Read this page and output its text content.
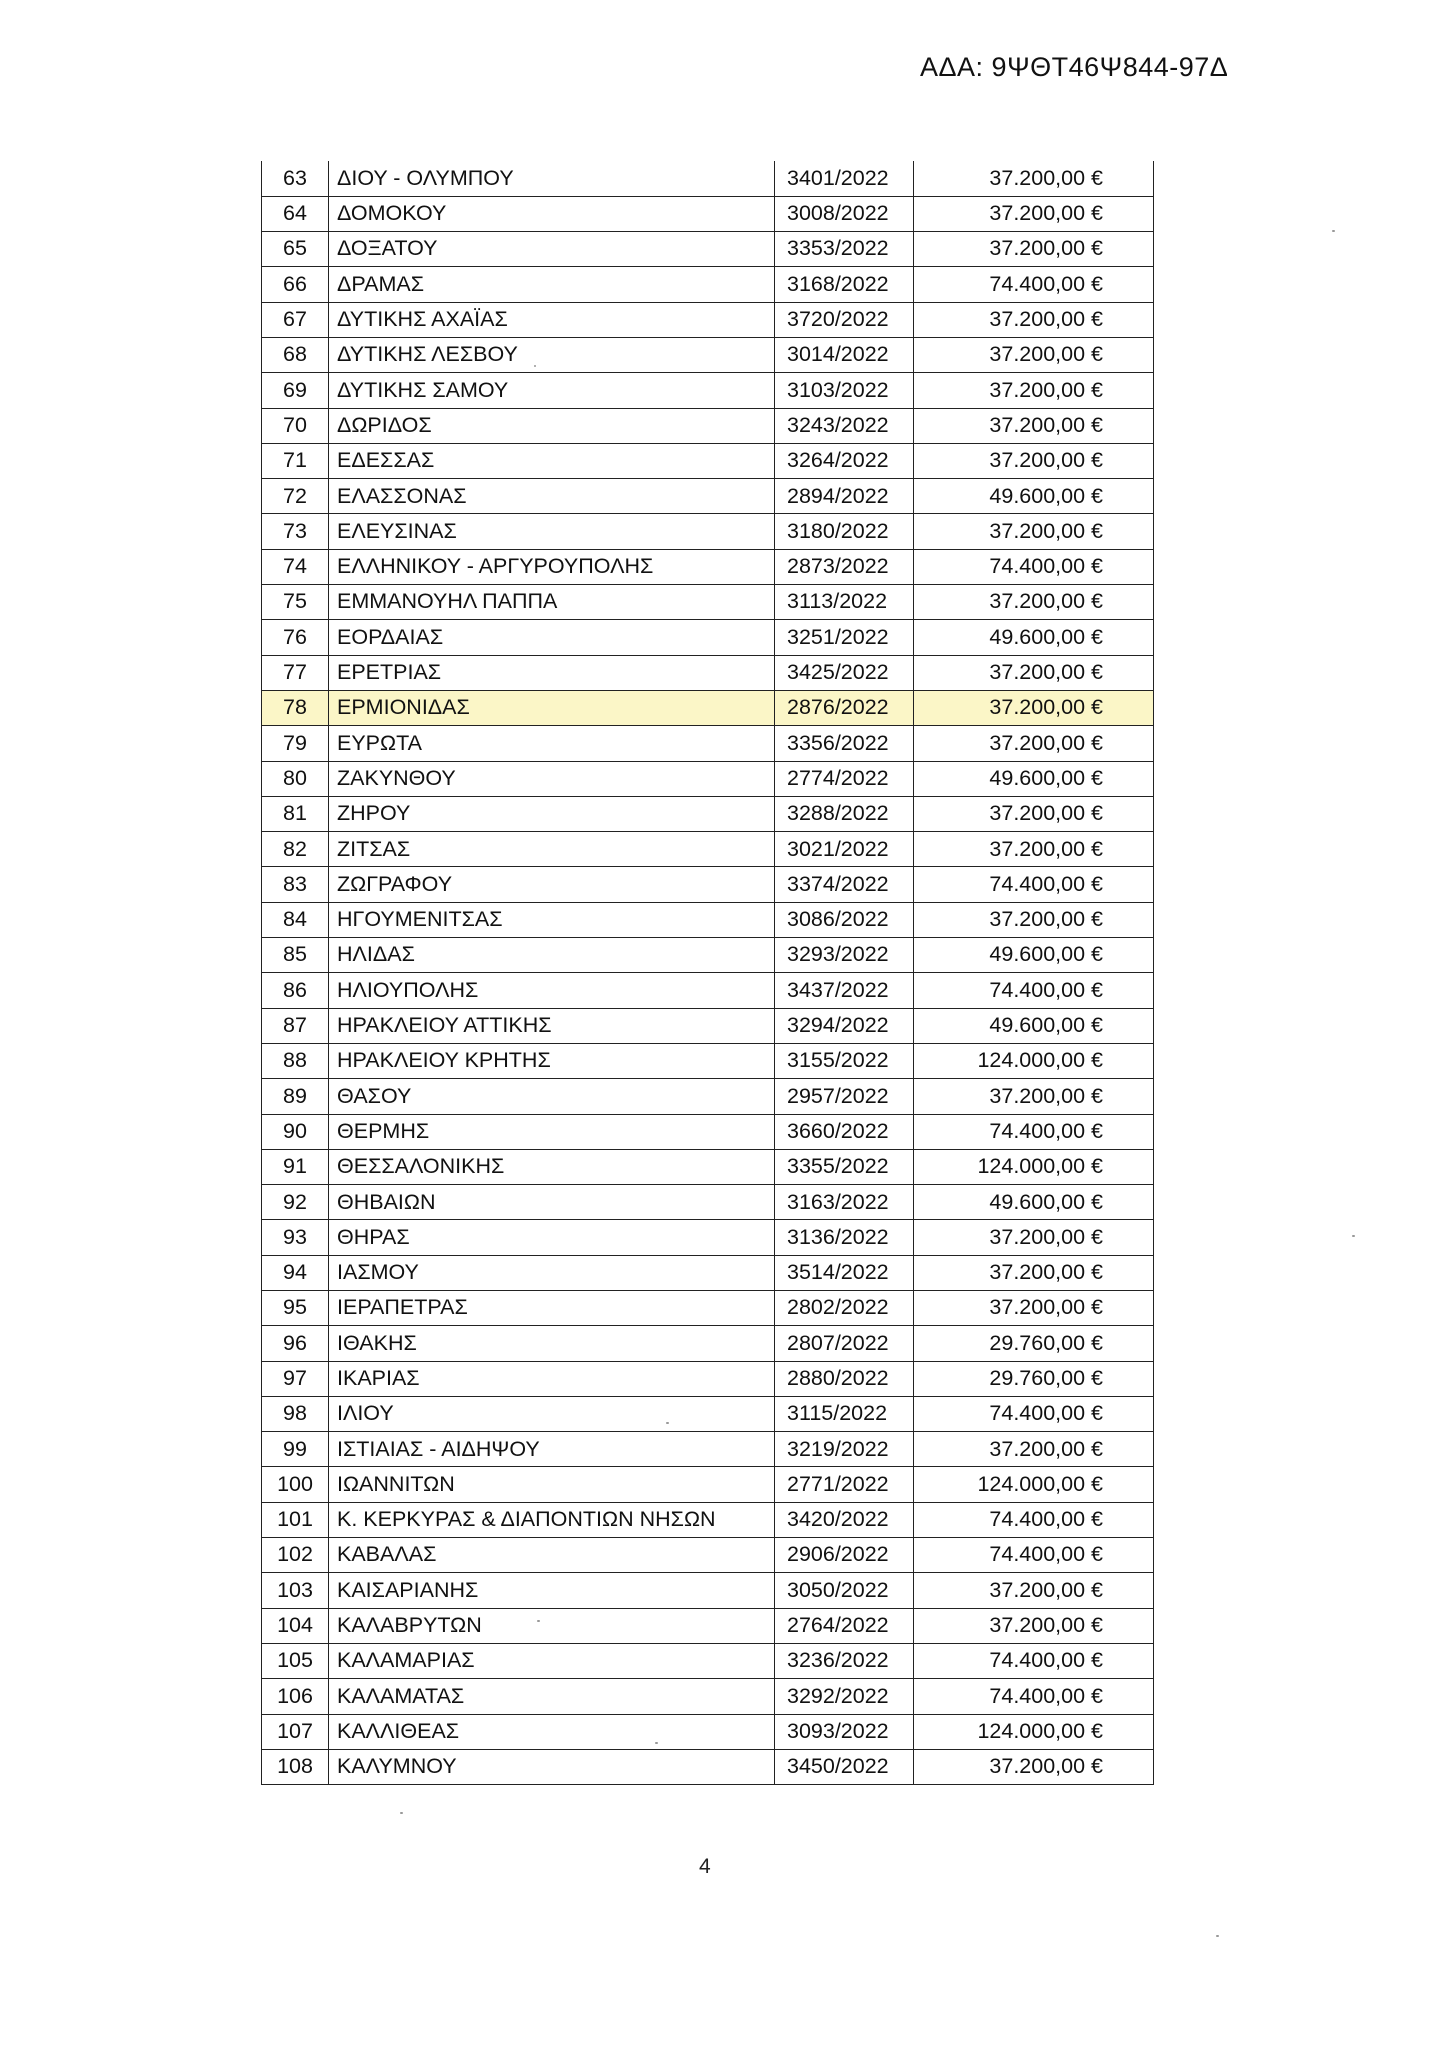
ΑΔΑ: 9ΨΘΤ46Ψ844-97Δ
63	ΔΙΟΥ - ΟΛΥΜΠΟΥ	3401/2022	37.200,00 €
64	ΔΟΜΟΚΟΥ	3008/2022	37.200,00 €
65	ΔΟΞΑΤΟΥ	3353/2022	37.200,00 €
66	ΔΡΑΜΑΣ	3168/2022	74.400,00 €
67	ΔΥΤΙΚΗΣ ΑΧΑΪΑΣ	3720/2022	37.200,00 €
68	ΔΥΤΙΚΗΣ ΛΕΣΒΟΥ	3014/2022	37.200,00 €
69	ΔΥΤΙΚΗΣ ΣΑΜΟΥ	3103/2022	37.200,00 €
70	ΔΩΡΙΔΟΣ	3243/2022	37.200,00 €
71	ΕΔΕΣΣΑΣ	3264/2022	37.200,00 €
72	ΕΛΑΣΣΟΝΑΣ	2894/2022	49.600,00 €
73	ΕΛΕΥΣΙΝΑΣ	3180/2022	37.200,00 €
74	ΕΛΛΗΝΙΚΟΥ - ΑΡΓΥΡΟΥΠΟΛΗΣ	2873/2022	74.400,00 €
75	ΕΜΜΑΝΟΥΗΛ ΠΑΠΠΑ	3113/2022	37.200,00 €
76	ΕΟΡΔΑΙΑΣ	3251/2022	49.600,00 €
77	ΕΡΕΤΡΙΑΣ	3425/2022	37.200,00 €
78	ΕΡΜΙΟΝΙΔΑΣ	2876/2022	37.200,00 €
79	ΕΥΡΩΤΑ	3356/2022	37.200,00 €
80	ΖΑΚΥΝΘΟΥ	2774/2022	49.600,00 €
81	ΖΗΡΟΥ	3288/2022	37.200,00 €
82	ΖΙΤΣΑΣ	3021/2022	37.200,00 €
83	ΖΩΓΡΑΦΟΥ	3374/2022	74.400,00 €
84	ΗΓΟΥΜΕΝΙΤΣΑΣ	3086/2022	37.200,00 €
85	ΗΛΙΔΑΣ	3293/2022	49.600,00 €
86	ΗΛΙΟΥΠΟΛΗΣ	3437/2022	74.400,00 €
87	ΗΡΑΚΛΕΙΟΥ ΑΤΤΙΚΗΣ	3294/2022	49.600,00 €
88	ΗΡΑΚΛΕΙΟΥ ΚΡΗΤΗΣ	3155/2022	124.000,00 €
89	ΘΑΣΟΥ	2957/2022	37.200,00 €
90	ΘΕΡΜΗΣ	3660/2022	74.400,00 €
91	ΘΕΣΣΑΛΟΝΙΚΗΣ	3355/2022	124.000,00 €
92	ΘΗΒΑΙΩΝ	3163/2022	49.600,00 €
93	ΘΗΡΑΣ	3136/2022	37.200,00 €
94	ΙΑΣΜΟΥ	3514/2022	37.200,00 €
95	ΙΕΡΑΠΕΤΡΑΣ	2802/2022	37.200,00 €
96	ΙΘΑΚΗΣ	2807/2022	29.760,00 €
97	ΙΚΑΡΙΑΣ	2880/2022	29.760,00 €
98	ΙΛΙΟΥ	3115/2022	74.400,00 €
99	ΙΣΤΙΑΙΑΣ - ΑΙΔΗΨΟΥ	3219/2022	37.200,00 €
100	ΙΩΑΝΝΙΤΩΝ	2771/2022	124.000,00 €
101	Κ. ΚΕΡΚΥΡΑΣ & ΔΙΑΠΟΝΤΙΩΝ ΝΗΣΩΝ	3420/2022	74.400,00 €
102	ΚΑΒΑΛΑΣ	2906/2022	74.400,00 €
103	ΚΑΙΣΑΡΙΑΝΗΣ	3050/2022	37.200,00 €
104	ΚΑΛΑΒΡΥΤΩΝ	2764/2022	37.200,00 €
105	ΚΑΛΑΜΑΡΙΑΣ	3236/2022	74.400,00 €
106	ΚΑΛΑΜΑΤΑΣ	3292/2022	74.400,00 €
107	ΚΑΛΛΙΘΕΑΣ	3093/2022	124.000,00 €
108	ΚΑΛΥΜΝΟΥ	3450/2022	37.200,00 €
4
